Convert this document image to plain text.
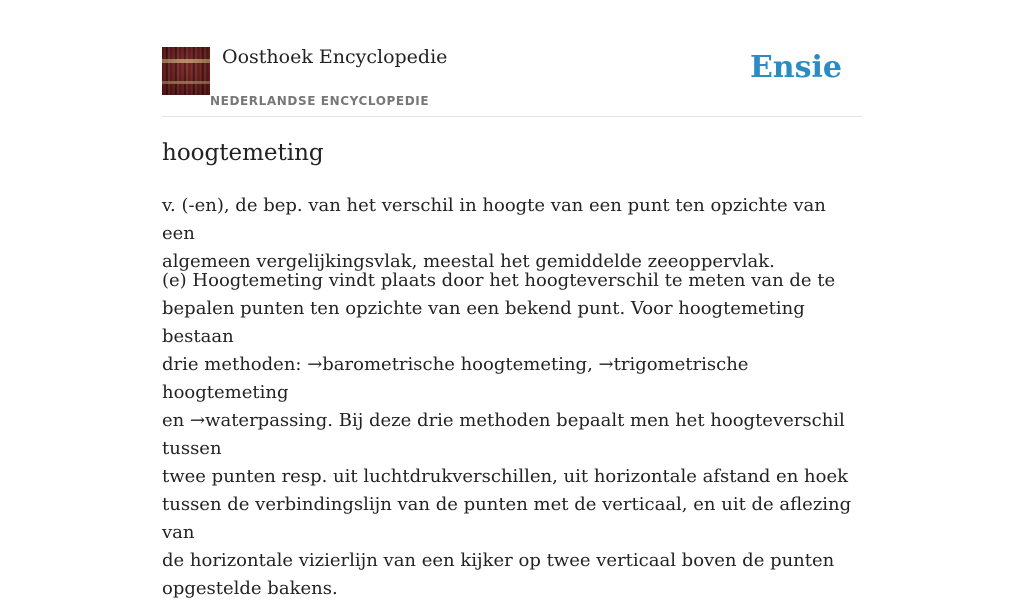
Oosthoek Encyclopedie
NEDERLANDSE ENCYCLOPEDIE
Ensie
hoogtemeting

v. (-en), de bep. van het verschil in hoogte van een punt ten opzichte van een
algemeen vergelijkingsvlak, meestal het gemiddelde zeeoppervlak.

(e) Hoogtemeting vindt plaats door het hoogteverschil te meten van de te
bepalen punten ten opzichte van een bekend punt. Voor hoogtemeting bestaan
drie methoden: →barometrische hoogtemeting, →trigometrische hoogtemeting
en →waterpassing. Bij deze drie methoden bepaalt men het hoogteverschil tussen
twee punten resp. uit luchtdrukverschillen, uit horizontale afstand en hoek
tussen de verbindingslijn van de punten met de verticaal, en uit de aflezing van
de horizontale vizierlijn van een kijker op twee verticaal boven de punten
opgestelde bakens.
